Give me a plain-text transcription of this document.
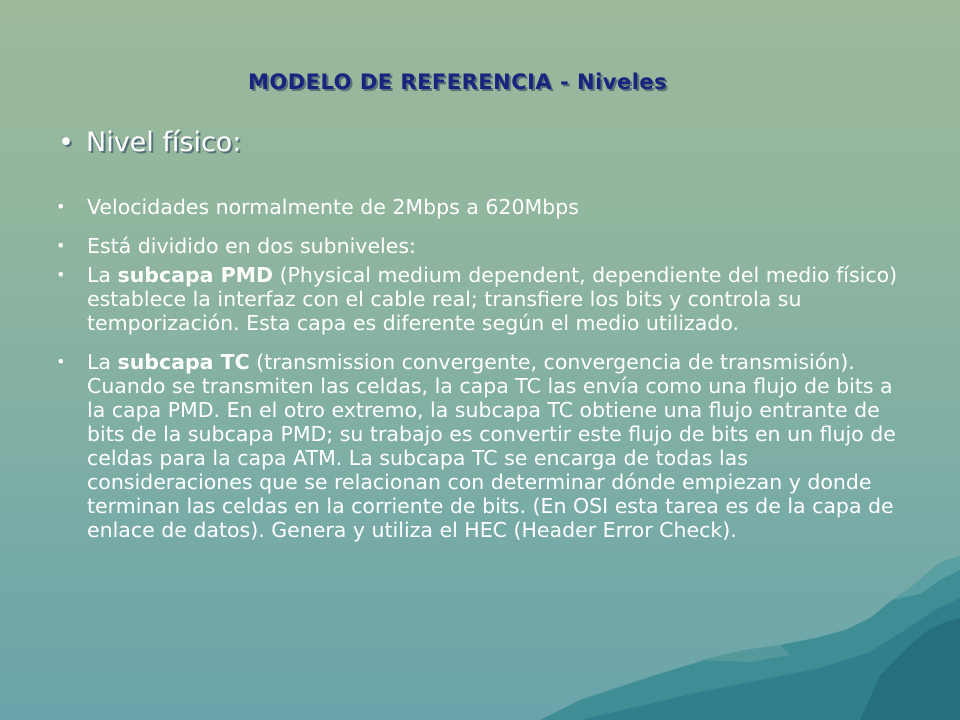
MODELO DE REFERENCIA - Niveles
• Nivel físico:
• Velocidades normalmente de 2Mbps a 620Mbps
• Está dividido en dos subniveles:
• La subcapa PMD (Physical medium dependent, dependiente del medio físico) establece la interfaz con el cable real; transfiere los bits y controla su temporización. Esta capa es diferente según el medio utilizado.
• La subcapa TC (transmission convergente, convergencia de transmisión). Cuando se transmiten las celdas, la capa TC las envía como una flujo de bits a la capa PMD. En el otro extremo, la subcapa TC obtiene una flujo entrante de bits de la subcapa PMD; su trabajo es convertir este flujo de bits en un flujo de celdas para la capa ATM. La subcapa TC se encarga de todas las consideraciones que se relacionan con determinar dónde empiezan y donde terminan las celdas en la corriente de bits. (En OSI esta tarea es de la capa de enlace de datos). Genera y utiliza el HEC (Header Error Check).
